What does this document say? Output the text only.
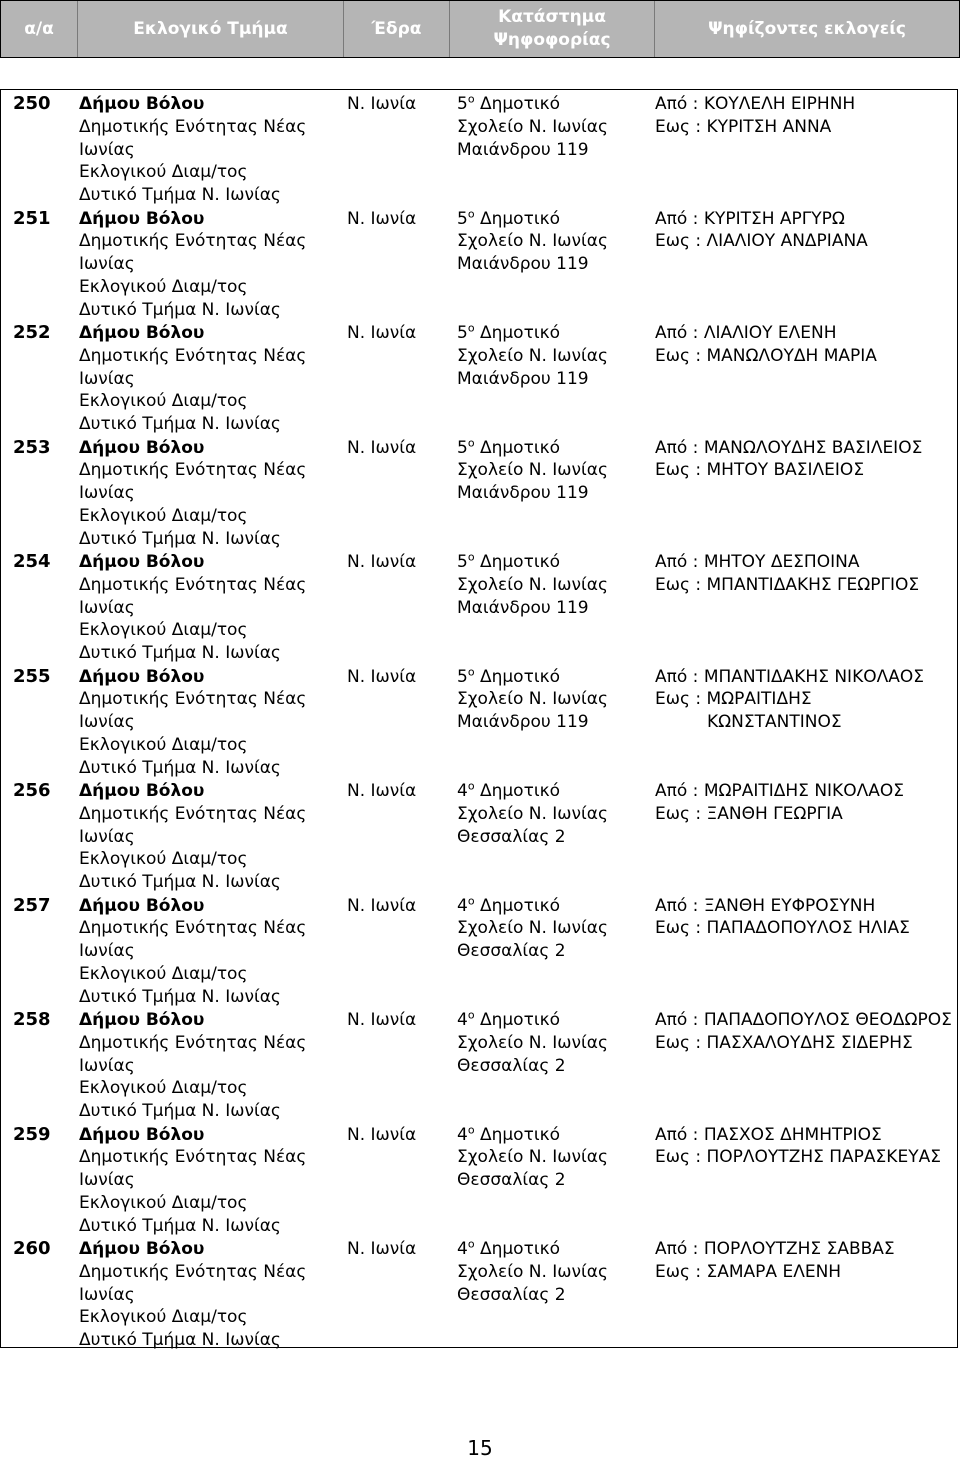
α/α	Εκλογικό Τμήμα	Έδρα
Κατάστημα
Ψηφοφορίας
Ψηφίζοντες εκλογείς
250 Δήμου Βόλου
Δημοτικής Ενότητας Νέας
Ιωνίας
Εκλογικού Διαμ/τος
Δυτικό Τμήμα Ν. Ιωνίας
Ν. Ιωνία $5^o$ Δημοτικό
Σχολείο Ν. Ιωνίας
Μαιάνδρου 119
Από : ΚΟΥΛΕΛΗ ΕΙΡΗΝΗ
Εως : ΚΥΡΙΤΣΗ ΑΝΝΑ
251 Δήμου Βόλου
Δημοτικής Ενότητας Νέας
Ιωνίας
Εκλογικού Διαμ/τος
Δυτικό Τμήμα Ν. Ιωνίας
Ν. Ιωνία $5^o$ Δημοτικό
Σχολείο Ν. Ιωνίας
Μαιάνδρου 119
Από : ΚΥΡΙΤΣΗ ΑΡΓΥΡΩ
Εως : ΛΙΑΛΙΟΥ ΑΝΔΡΙΑΝΑ
252 Δήμου Βόλου
Δημοτικής Ενότητας Νέας
Ιωνίας
Εκλογικού Διαμ/τος
Δυτικό Τμήμα Ν. Ιωνίας
Ν. Ιωνία $5^o$ Δημοτικό
Σχολείο Ν. Ιωνίας
Μαιάνδρου 119
Από : ΛΙΑΛΙΟΥ ΕΛΕΝΗ
Εως : ΜΑΝΩΛΟΥΔΗ ΜΑΡΙΑ
253 Δήμου Βόλου
Δημοτικής Ενότητας Νέας
Ιωνίας
Εκλογικού Διαμ/τος
Δυτικό Τμήμα Ν. Ιωνίας
Ν. Ιωνία $5^o$ Δημοτικό
Σχολείο Ν. Ιωνίας
Μαιάνδρου 119
Από : ΜΑΝΩΛΟΥΔΗΣ ΒΑΣΙΛΕΙΟΣ
Εως : ΜΗΤΟΥ ΒΑΣΙΛΕΙΟΣ
254 Δήμου Βόλου
Δημοτικής Ενότητας Νέας
Ιωνίας
Εκλογικού Διαμ/τος
Δυτικό Τμήμα Ν. Ιωνίας
Ν. Ιωνία $5^o$ Δημοτικό
Σχολείο Ν. Ιωνίας
Μαιάνδρου 119
Από : ΜΗΤΟΥ ΔΕΣΠΟΙΝΑ
Εως : ΜΠΑΝΤΙΔΑΚΗΣ ΓΕΩΡΓΙΟΣ
255 Δήμου Βόλου
Δημοτικής Ενότητας Νέας
Ιωνίας
Εκλογικού Διαμ/τος
Δυτικό Τμήμα Ν. Ιωνίας
Ν. Ιωνία $5^o$ Δημοτικό
Σχολείο Ν. Ιωνίας
Μαιάνδρου 119
Από : ΜΠΑΝΤΙΔΑΚΗΣ ΝΙΚΟΛΑΟΣ
Εως : ΜΩΡΑΙΤΙΔΗΣ
ΚΩΝΣΤΑΝΤΙΝΟΣ
256 Δήμου Βόλου
Δημοτικής Ενότητας Νέας
Ιωνίας
Εκλογικού Διαμ/τος
Δυτικό Τμήμα Ν. Ιωνίας
Ν. Ιωνία $4^o$ Δημοτικό
Σχολείο Ν. Ιωνίας
Θεσσαλίας 2
Από : ΜΩΡΑΙΤΙΔΗΣ ΝΙΚΟΛΑΟΣ
Εως : ΞΑΝΘΗ ΓΕΩΡΓΙΑ
257 Δήμου Βόλου
Δημοτικής Ενότητας Νέας
Ιωνίας
Εκλογικού Διαμ/τος
Δυτικό Τμήμα Ν. Ιωνίας
Ν. Ιωνία $4^o$ Δημοτικό
Σχολείο Ν. Ιωνίας
Θεσσαλίας 2
Από : ΞΑΝΘΗ ΕΥΦΡΟΣΥΝΗ
Εως : ΠΑΠΑΔΟΠΟΥΛΟΣ ΗΛΙΑΣ
258 Δήμου Βόλου
Δημοτικής Ενότητας Νέας
Ιωνίας
Εκλογικού Διαμ/τος
Δυτικό Τμήμα Ν. Ιωνίας
Ν. Ιωνία $4^o$ Δημοτικό
Σχολείο Ν. Ιωνίας
Θεσσαλίας 2
Από : ΠΑΠΑΔΟΠΟΥΛΟΣ ΘΕΟΔΩΡΟΣ
Εως : ΠΑΣΧΑΛΟΥΔΗΣ ΣΙΔΕΡΗΣ
259 Δήμου Βόλου
Δημοτικής Ενότητας Νέας
Ιωνίας
Εκλογικού Διαμ/τος
Δυτικό Τμήμα Ν. Ιωνίας
Ν. Ιωνία $4^o$ Δημοτικό
Σχολείο Ν. Ιωνίας
Θεσσαλίας 2
Από : ΠΑΣΧΟΣ ΔΗΜΗΤΡΙΟΣ
Εως : ΠΟΡΛΟΥΤΖΗΣ ΠΑΡΑΣΚΕΥΑΣ
260 Δήμου Βόλου
Δημοτικής Ενότητας Νέας
Ιωνίας
Εκλογικού Διαμ/τος
Δυτικό Τμήμα Ν. Ιωνίας
Ν. Ιωνία $4^o$ Δημοτικό
Σχολείο Ν. Ιωνίας
Θεσσαλίας 2
Από : ΠΟΡΛΟΥΤΖΗΣ ΣΑΒΒΑΣ
Εως : ΣΑΜΑΡΑ ΕΛΕΝΗ
15
